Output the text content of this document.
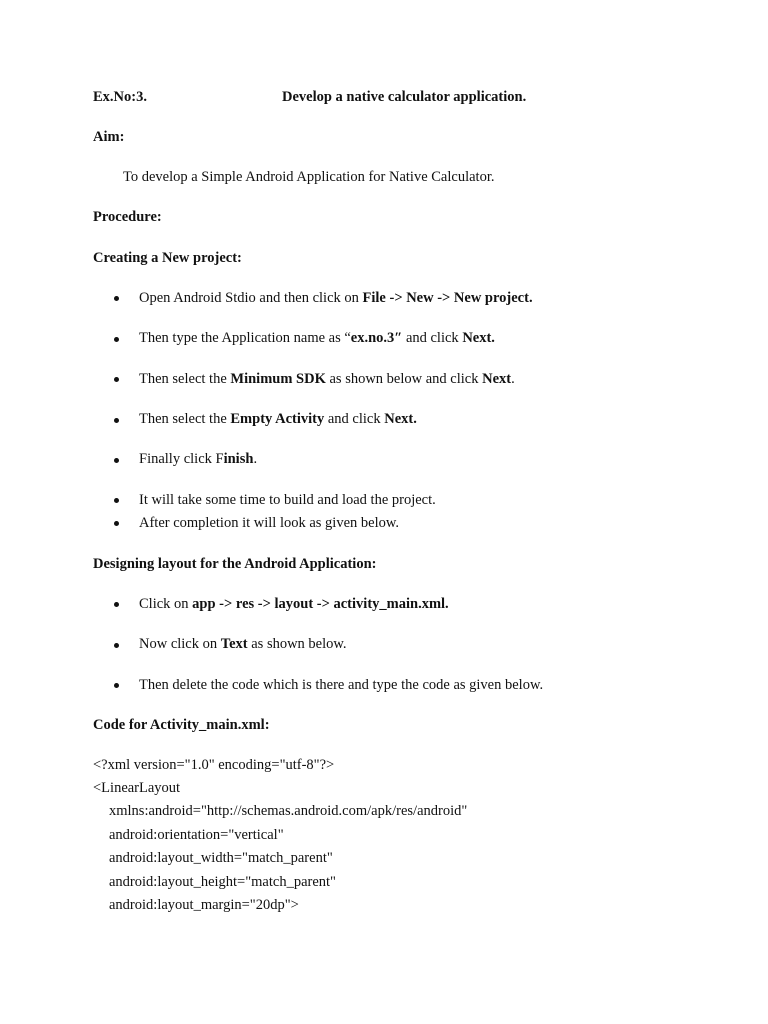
Ex.No:3.	Develop a native calculator application.
Aim:
To develop a Simple Android Application for Native Calculator.
Procedure:
Creating a New project:
Open Android Stdio and then click on File -> New -> New project.
Then type the Application name as “ex.no.3″ and click Next.
Then select the Minimum SDK as shown below and click Next.
Then select the Empty Activity and click Next.
Finally click Finish.
It will take some time to build and load the project.
After completion it will look as given below.
Designing layout for the Android Application:
Click on app -> res -> layout -> activity_main.xml.
Now click on Text as shown below.
Then delete the code which is there and type the code as given below.
Code for Activity_main.xml:
<?xml version="1.0" encoding="utf-8"?>
<LinearLayout
xmlns:android="http://schemas.android.com/apk/res/android"
android:orientation="vertical"
android:layout_width="match_parent"
android:layout_height="match_parent"
android:layout_margin="20dp">
